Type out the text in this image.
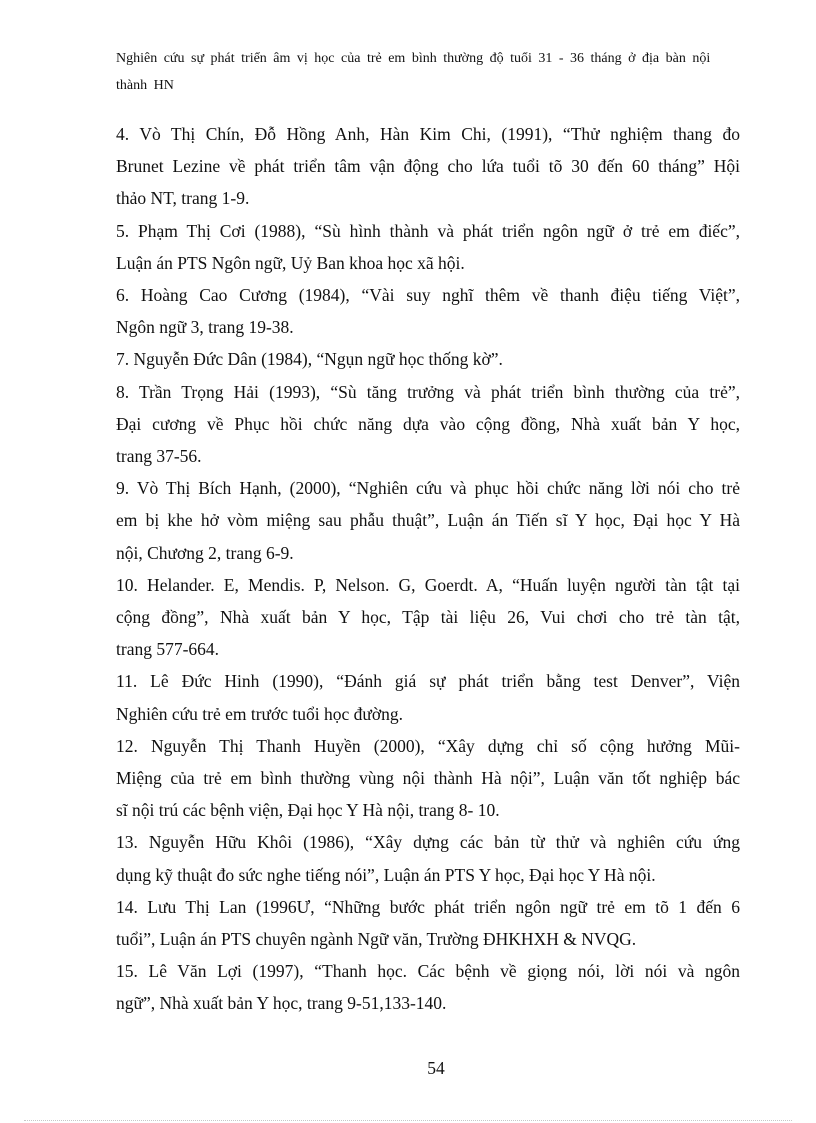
Nghiên cứu sự phát triển âm vị học của trẻ em bình thường độ tuổi 31 - 36 tháng ở địa bàn nội
thành HN
4. Vò Thị Chín, Đỗ Hồng Anh, Hàn Kim Chi, (1991), “Thử nghiệm thang đo
Brunet Lezine về phát triển tâm vận động cho lứa tuổi tõ 30 đến 60 tháng” Hội
thảo NT, trang 1-9.
5. Phạm Thị Cơi (1988), “Sù hình thành và phát triển ngôn ngữ ở trẻ em điếc”,
Luận án PTS Ngôn ngữ, Uỷ Ban khoa học xã hội.
6. Hoàng Cao Cương (1984), “Vài suy nghĩ thêm về thanh điệu tiếng Việt”,
Ngôn ngữ 3, trang 19-38.
7. Nguyễn Đức Dân (1984), “Ngụn ngữ học thống kờ”.
8. Trần Trọng Hải (1993), “Sù tăng trưởng và phát triển bình thường của trẻ”,
Đại cương về Phục hồi chức năng dựa vào cộng đồng, Nhà xuất bản Y học,
trang 37-56.
9. Vò Thị Bích Hạnh, (2000), “Nghiên cứu và phục hồi chức năng lời nói cho trẻ
em bị khe hở vòm miệng sau phẫu thuật”, Luận án Tiến sĩ Y học, Đại học Y Hà
nội, Chương 2, trang 6-9.
10. Helander. E, Mendis. P, Nelson. G, Goerdt. A, “Huấn luyện người tàn tật tại
cộng đồng”, Nhà xuất bản Y học, Tập tài liệu 26, Vui chơi cho trẻ tàn tật,
trang 577-664.
11. Lê Đức Hinh (1990), “Đánh giá sự phát triển bằng test Denver”, Viện
Nghiên cứu trẻ em trước tuổi học đường.
12. Nguyễn Thị Thanh Huyền (2000), “Xây dựng chỉ số cộng hưởng Mũi-
Miệng của trẻ em bình thường vùng nội thành Hà nội”, Luận văn tốt nghiệp bác
sĩ nội trú các bệnh viện, Đại học Y Hà nội, trang 8- 10.
13. Nguyễn Hữu Khôi (1986), “Xây dựng các bản từ thử và nghiên cứu ứng
dụng kỹ thuật đo sức nghe tiếng nói”, Luận án PTS Y học, Đại học Y Hà nội.
14. Lưu Thị Lan (1996Ư, “Những bước phát triển ngôn ngữ trẻ em tõ 1 đến 6
tuổi”, Luận án PTS chuyên ngành Ngữ văn, Trường ĐHKHXH & NVQG.
15. Lê Văn Lợi (1997), “Thanh học. Các bệnh về giọng nói, lời nói và ngôn
ngữ”, Nhà xuất bản Y học, trang 9-51,133-140.
54
